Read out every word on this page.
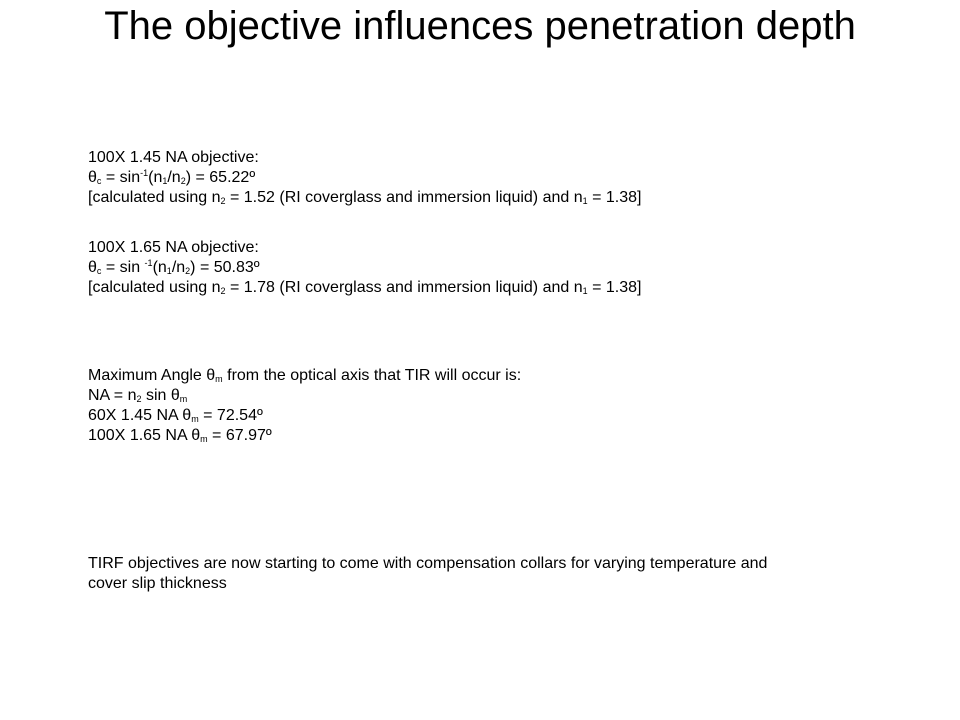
The objective influences penetration depth
100X 1.45 NA objective:
$\theta_c = \sin^{-1}(n_1/n_2)$ = 65.22º
[calculated using $n_2 = 1.52$ (RI coverglass and immersion liquid) and $n_1 = 1.38$]
100X 1.65 NA objective:
$\theta_c = \sin ^{-1}(n_1/n_2)$ = 50.83º
[calculated using $n_2 = 1.78$ (RI coverglass and immersion liquid) and $n_1 = 1.38$]
Maximum Angle $\theta_m$ from the optical axis that TIR will occur is:
NA = $n_2$ $\sin \theta_m$
60X 1.45 NA $\theta_m$ = 72.54º
100X 1.65 NA $\theta_m$ = 67.97º
TIRF objectives are now starting to come with compensation collars for varying temperature and cover slip thickness
